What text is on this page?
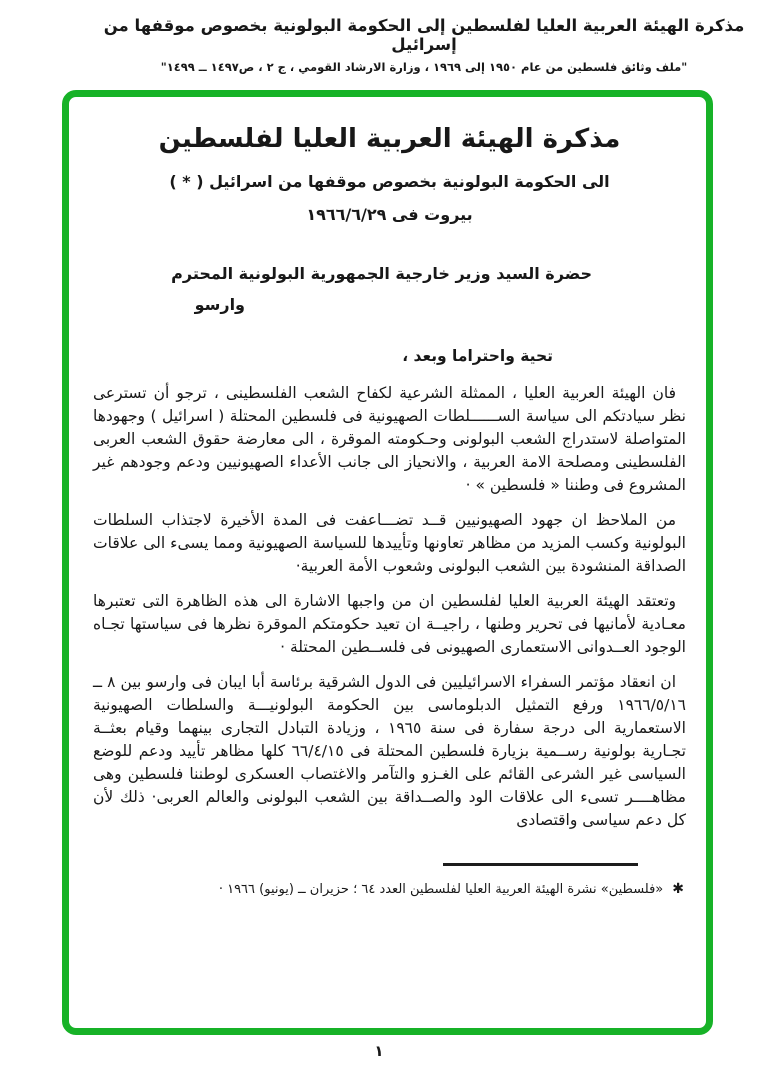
مذكرة الهيئة العربية العليا لفلسطين إلى الحكومة البولونية بخصوص موقفها من إسرائيل
"ملف وثائق فلسطين من عام ١٩٥٠ إلى ١٩٦٩ ، وزارة الارشاد القومي ، ج ٢ ، ص١٤٩٧ ــ ١٤٩٩"
مذكرة الهيئة العربية العليا لفلسطين
الى الحكومة البولونية بخصوص موقفها من اسرائيل ( * )
بيروت فى ١٩٦٦/٦/٢٩
حضرة السيد وزير خارجية الجمهورية البولونية المحترم
وارسو
تحية واحتراما وبعد ،

فان الهيئة العربية العليا ، الممثلة الشرعية لكفاح الشعب الفلسطينى ، ترجو أن تسترعى نظر سيادتكم الى سياسة الســــــلطات الصهيونية فى فلسطين المحتلة ( اسرائيل ) وجهودها المتواصلة لاستدراج الشعب البولونى وحـكومته الموقرة ، الى معارضة حقوق الشعب العربى الفلسطينى ومصلحة الامة العربية ، والانحياز الى جانب الأعداء الصهيونيين ودعم وجودهم غير المشروع فى وطننا « فلسطين » ·

من الملاحظ ان جهود الصهيونيين قــد تضـــاعفت فى المدة الأخيرة لاجتذاب السلطات البولونية وكسب المزيد من مظاهر تعاونها وتأييدها للسياسة الصهيونية ومما يسىء الى علاقات الصداقة المنشودة بين الشعب البولونى وشعوب الأمة العربية·

وتعتقد الهيئة العربية العليا لفلسطين ان من واجبها الاشارة الى هذه الظاهرة التى تعتبرها معـادية لأمانيها فى تحرير وطنها ، راجيــة ان تعيد حكومتكم الموقرة نظرها فى سياستها تجـاه الوجود العــدوانى الاستعمارى الصهيونى فى فلســطين المحتلة ·

ان انعقاد مؤتمر السفراء الاسرائيليين فى الدول الشرقية برئاسة أبا ايبان فى وارسو بين ٨ ــ ١٩٦٦/٥/١٦ ورفع التمثيل الدبلوماسى بين الحكومة البولونيـــة والسلطات الصهيونية الاستعمارية الى درجة سفارة فى سنة ١٩٦٥ ، وزيادة التبادل التجارى بينهما وقيام بعثــة تجـارية بولونية رســمية بزيارة فلسطين المحتلة فى ٦٦/٤/١٥ كلها مظاهر تأييد ودعم للوضع السياسى غير الشرعى القائم على الغـزو والتآمر والاغتصاب العسكرى لوطننا فلسطين وهى مظاهــــر تسىء الى علاقات الود والصــداقة بين الشعب البولونى والعالم العربى· ذلك لأن كل دعم سياسى واقتصادى

✱«فلسطين» نشرة الهيئة العربية العليا لفلسطين العدد ٦٤ ؛ حزيران ــ (يونيو) ١٩٦٦ ·
١
